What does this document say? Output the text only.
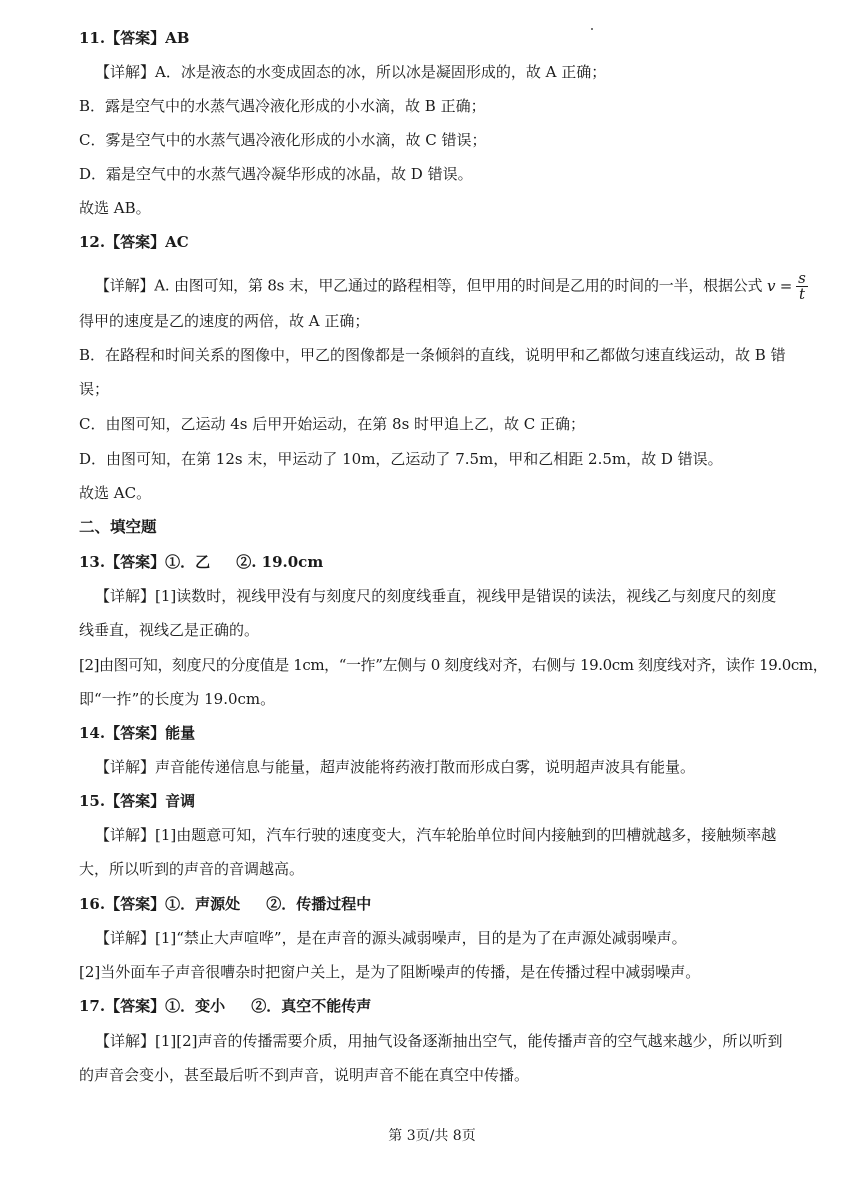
11.【答案】AB
【详解】A．冰是液态的水变成固态的冰，所以冰是凝固形成的，故 A 正确；
B．露是空气中的水蒸气遇冷液化形成的小水滴，故 B 正确；
C．雾是空气中的水蒸气遇冷液化形成的小水滴，故 C 错误；
D．霜是空气中的水蒸气遇冷凝华形成的冰晶，故 D 错误。
故选 AB。
12.【答案】AC
【详解】A. 由图可知，第 8s 末，甲乙通过的路程相等，但甲用的时间是乙用的时间的一半，根据公式 $v = \frac{s}{t}$
得甲的速度是乙的速度的两倍，故 A 正确；
B．在路程和时间关系的图像中，甲乙的图像都是一条倾斜的直线，说明甲和乙都做匀速直线运动，故 B 错
误；
C．由图可知，乙运动 4s 后甲开始运动，在第 8s 时甲追上乙，故 C 正确；
D．由图可知，在第 12s 末，甲运动了 10m，乙运动了 7.5m，甲和乙相距 2.5m，故 D 错误。
故选 AC。
二、填空题
13.【答案】①．乙     ②. 19.0cm
【详解】[1]读数时，视线甲没有与刻度尺的刻度线垂直，视线甲是错误的读法，视线乙与刻度尺的刻度
线垂直，视线乙是正确的。
[2]由图可知，刻度尺的分度值是 1cm，“一拃”左侧与 0 刻度线对齐，右侧与 19.0cm 刻度线对齐，读作 19.0cm，
即“一拃”的长度为 19.0cm。
14.【答案】能量
【详解】声音能传递信息与能量，超声波能将药液打散而形成白雾，说明超声波具有能量。
15.【答案】音调
【详解】[1]由题意可知，汽车行驶的速度变大，汽车轮胎单位时间内接触到的凹槽就越多，接触频率越
大，所以听到的声音的音调越高。
16.【答案】①．声源处     ②．传播过程中
【详解】[1]“禁止大声喧哗”，是在声音的源头减弱噪声，目的是为了在声源处减弱噪声。
[2]当外面车子声音很嘈杂时把窗户关上，是为了阻断噪声的传播，是在传播过程中减弱噪声。
17.【答案】①．变小     ②．真空不能传声
【详解】[1][2]声音的传播需要介质，用抽气设备逐渐抽出空气，能传播声音的空气越来越少，所以听到
的声音会变小，甚至最后听不到声音，说明声音不能在真空中传播。
第 3页/共 8页
